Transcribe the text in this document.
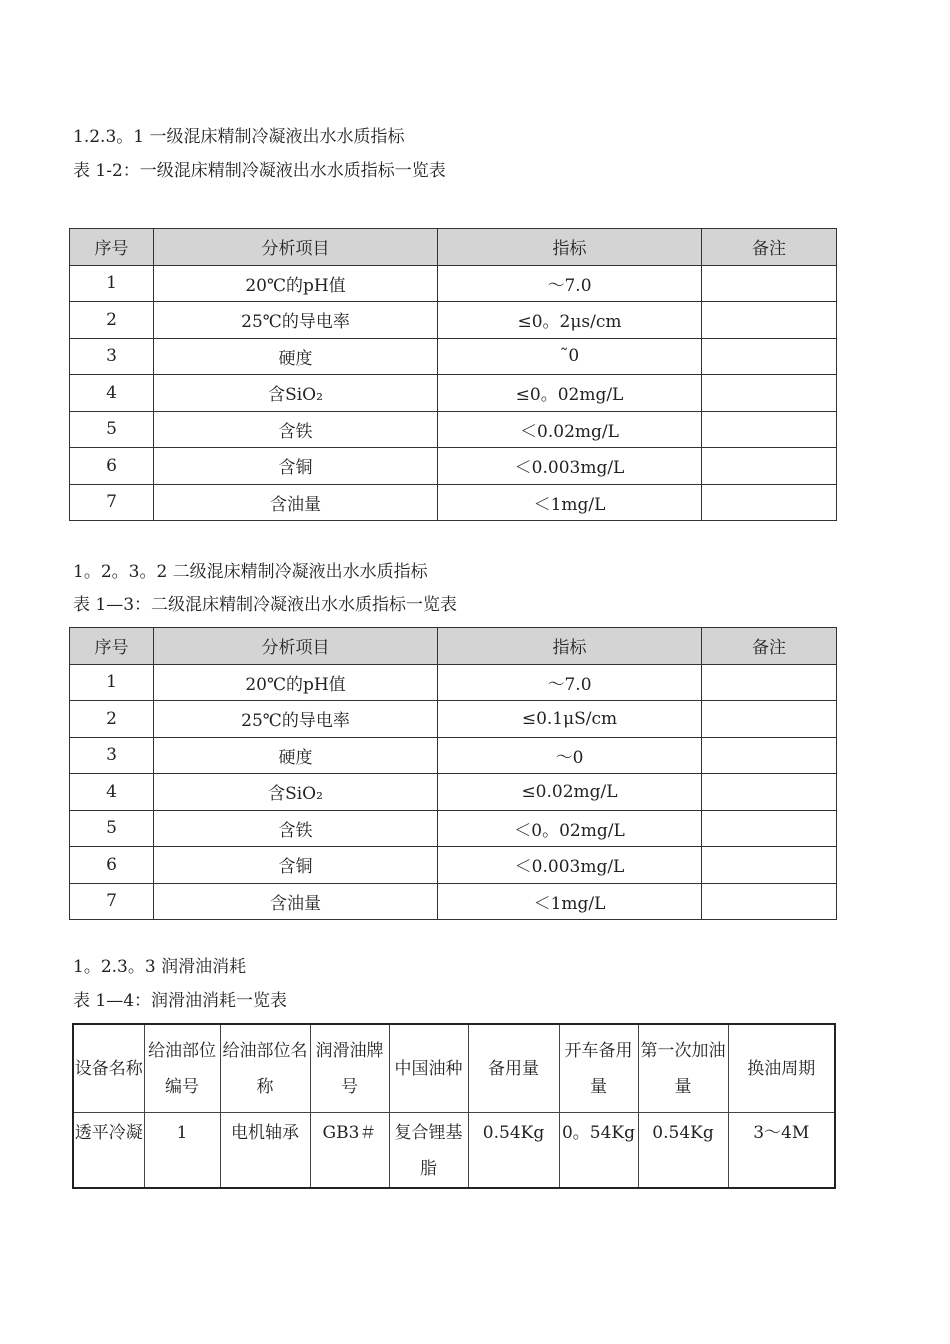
1.2.3。1 一级混床精制冷凝液出水水质指标
表 1-2：一级混床精制冷凝液出水水质指标一览表
序号	分析项目	指标	备注
1	20℃的pH值	～7.0	
2	25℃的导电率	≤0。2μs/cm	
3	硬度	˜0	
4	含SiO₂	≤0。02mg/L	
5	含铁	＜0.02mg/L	
6	含铜	＜0.003mg/L	
7	含油量	＜1mg/L	
1。2。3。2 二级混床精制冷凝液出水水质指标
表 1—3：二级混床精制冷凝液出水水质指标一览表
序号	分析项目	指标	备注
1	20℃的pH值	～7.0	
2	25℃的导电率	≤0.1μS/cm	
3	硬度	～0	
4	含SiO₂	≤0.02mg/L	
5	含铁	＜0。02mg/L	
6	含铜	＜0.003mg/L	
7	含油量	＜1mg/L	
1。2.3。3 润滑油消耗
表 1—4：润滑油消耗一览表
设备名称	给油部位编号	给油部位名称	润滑油牌号	中国油种	备用量	开车备用量	第一次加油量	换油周期
透平冷凝	1	电机轴承	GB3＃	复合锂基脂	0.54Kg	0。54Kg	0.54Kg	3～4M
